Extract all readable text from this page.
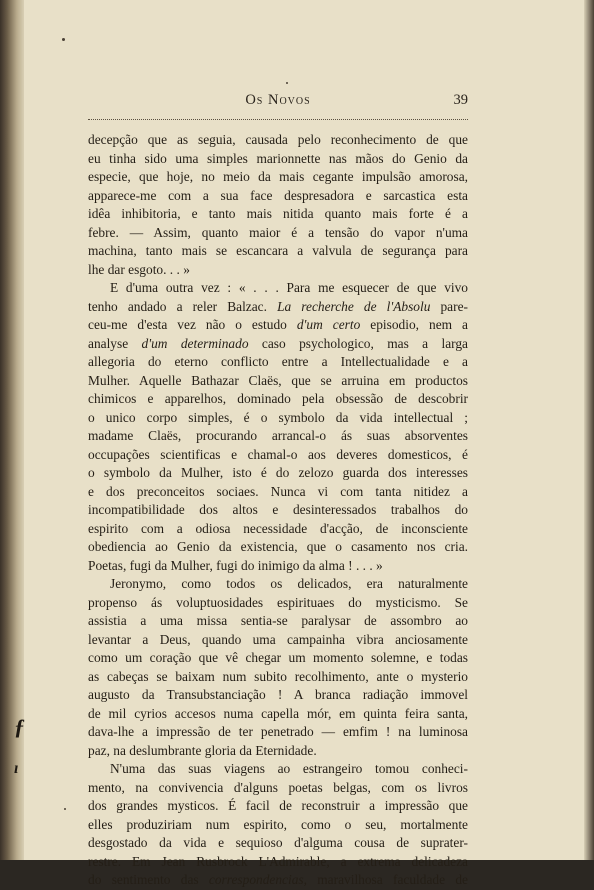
Os Novos	39
decepção que as seguia, causada pelo reconhecimento de que
eu tinha sido uma simples marionnette nas mãos do Genio da
especie, que hoje, no meio da mais cegante impulsão amorosa,
apparece-me com a sua face despresadora e sarcastica esta
idêa inhibitoria, e tanto mais nitida quanto mais forte é a
febre. — Assim, quanto maior é a tensão do vapor n'uma
machina, tanto mais se escancara a valvula de segurança para
lhe dar esgoto. . . »
E d'uma outra vez : « . . . Para me esquecer de que vivo
tenho andado a reler Balzac. La recherche de l'Absolu pare-
ceu-me d'esta vez não o estudo d'um certo episodio, nem a
analyse d'um determinado caso psychologico, mas a larga
allegoria do eterno conflicto entre a Intellectualidade e a
Mulher. Aquelle Bathazar Claës, que se arruina em productos
chimicos e apparelhos, dominado pela obsessão de descobrir
o unico corpo simples, é o symbolo da vida intellectual ;
madame Claës, procurando arrancal-o ás suas absorventes
occupações scientificas e chamal-o aos deveres domesticos, é
o symbolo da Mulher, isto é do zelozo guarda dos interesses
e dos preconceitos sociaes. Nunca vi com tanta nitidez a
incompatibilidade dos altos e desinteressados trabalhos do
espirito com a odiosa necessidade d'acção, de inconsciente
obediencia ao Genio da existencia, que o casamento nos cria.
Poetas, fugi da Mulher, fugi do inimigo da alma ! . . . »
Jeronymo, como todos os delicados, era naturalmente
propenso ás voluptuosidades espirituaes do mysticismo. Se
assistia a uma missa sentia-se paralysar de assombro ao
levantar a Deus, quando uma campainha vibra anciosamente
como um coração que vê chegar um momento solemne, e todas
as cabeças se baixam num subito recolhimento, ante o mysterio
augusto da Transubstanciação ! A branca radiação immovel
de mil cyrios accesos numa capella mór, em quinta feira santa,
dava-lhe a impressão de ter penetrado — emfim ! na luminosa
paz, na deslumbrante gloria da Eternidade.
N'uma das suas viagens ao estrangeiro tomou conheci-
mento, na convivencia d'alguns poetas belgas, com os livros
dos grandes mysticos. É facil de reconstruir a impressão que
elles produziriam num espirito, como o seu, mortalmente
desgostado da vida e sequioso d'alguma cousa de suprater-
restre. Em Jean Rusbrock L'Admirable, a extrema delicadeza
do sentimento das correspondencias, maravilhosa faculdade de
ƒ
ı
